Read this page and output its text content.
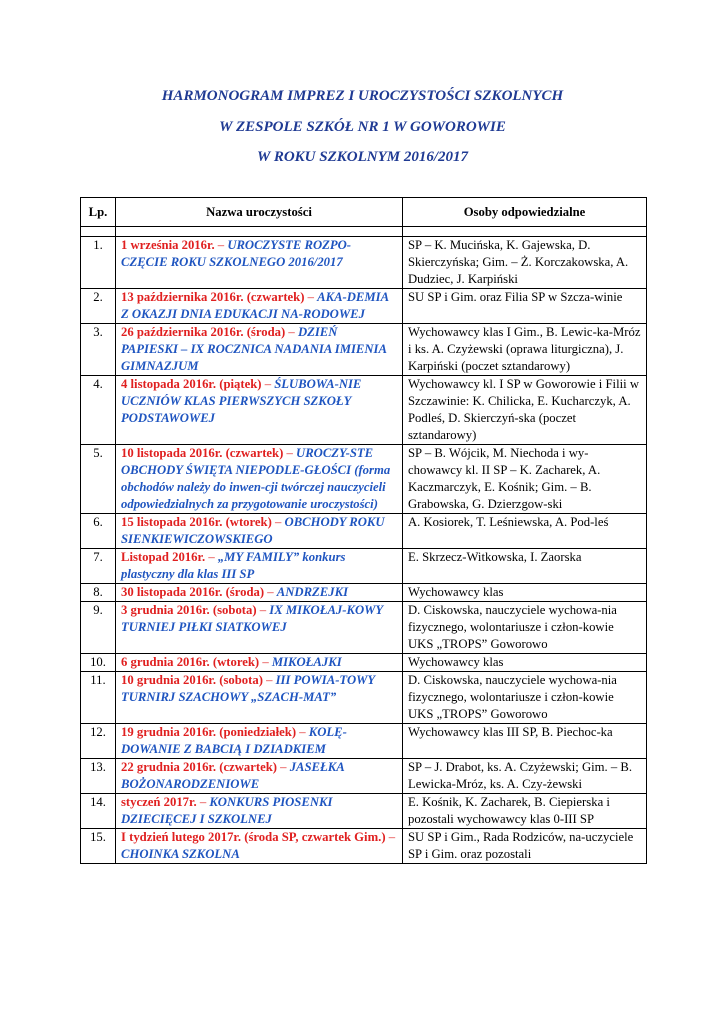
HARMONOGRAM IMPREZ I UROCZYSTOŚCI SZKOLNYCH
W ZESPOLE SZKÓŁ NR 1 W GOWOROWIE
W ROKU SZKOLNYM 2016/2017
Lp.	Nazwa uroczystości	Osoby odpowiedzialne

1.	1 września 2016r. – UROCZYSTE ROZPO-CZĘCIE ROKU SZKOLNEGO 2016/2017	SP – K. Mucińska, K. Gajewska, D. Skierczyńska; Gim. – Ż. Korczakowska, A. Dudziec, J. Karpiński
2.	13 października 2016r. (czwartek) – AKA-DEMIA Z OKAZJI DNIA EDUKACJI NA-RODOWEJ	SU SP i Gim. oraz Filia SP w Szcza-winie
3.	26 października 2016r. (środa) – DZIEŃ PAPIESKI – IX ROCZNICA NADANIA IMIENIA GIMNAZJUM	Wychowawcy klas I Gim., B. Lewic-ka-Mróz i ks. A. Czyżewski (oprawa liturgiczna), J. Karpiński (poczet sztandarowy)
4.	4 listopada 2016r. (piątek) – ŚLUBOWA-NIE UCZNIÓW KLAS PIERWSZYCH SZKOŁY PODSTAWOWEJ	Wychowawcy kl. I SP w Goworowie i Filii w Szczawinie: K. Chilicka, E. Kucharczyk, A. Podleś, D. Skierczyń-ska (poczet sztandarowy)
5.	10 listopada 2016r. (czwartek) – UROCZY-STE OBCHODY ŚWIĘTA NIEPODLE-GŁOŚCI (forma obchodów należy do inwen-cji twórczej nauczycieli odpowiedzialnych za przygotowanie uroczystości)	SP – B. Wójcik, M. Niechoda i wy-chowawcy kl. II SP – K. Zacharek, A. Kaczmarczyk, E. Kośnik; Gim. – B. Grabowska, G. Dzierzgow-ski
6.	15 listopada 2016r. (wtorek) – OBCHODY ROKU SIENKIEWICZOWSKIEGO	A. Kosiorek, T. Leśniewska, A. Pod-leś
7.	Listopad 2016r. – „MY FAMILY” konkurs plastyczny dla klas III SP	E. Skrzecz-Witkowska, I. Zaorska
8.	30 listopada 2016r. (środa) – ANDRZEJKI	Wychowawcy klas
9.	3 grudnia 2016r. (sobota) – IX MIKOŁAJ-KOWY TURNIEJ PIŁKI SIATKOWEJ	D. Ciskowska, nauczyciele wychowa-nia fizycznego, wolontariusze i człon-kowie UKS „TROPS” Goworowo
10.	6 grudnia 2016r. (wtorek) – MIKOŁAJKI	Wychowawcy klas
11.	10 grudnia 2016r. (sobota) – III POWIA-TOWY TURNIRJ SZACHOWY „SZACH-MAT”	D. Ciskowska, nauczyciele wychowa-nia fizycznego, wolontariusze i człon-kowie UKS „TROPS” Goworowo
12.	19 grudnia 2016r. (poniedziałek) – KOLĘ-DOWANIE Z BABCIĄ I DZIADKIEM	Wychowawcy klas III SP, B. Piechoc-ka
13.	22 grudnia 2016r. (czwartek) – JASEŁKA BOŻONARODZENIOWE	SP – J. Drabot, ks. A. Czyżewski; Gim. – B. Lewicka-Mróz, ks. A. Czy-żewski
14.	styczeń 2017r. – KONKURS PIOSENKI DZIECIĘCEJ I SZKOLNEJ	E. Kośnik, K. Zacharek, B. Ciepierska i pozostali wychowawcy klas 0-III SP
15.	I tydzień lutego 2017r. (środa SP, czwartek Gim.) – CHOINKA SZKOLNA	SU SP i Gim., Rada Rodziców, na-uczyciele SP i Gim. oraz pozostali
